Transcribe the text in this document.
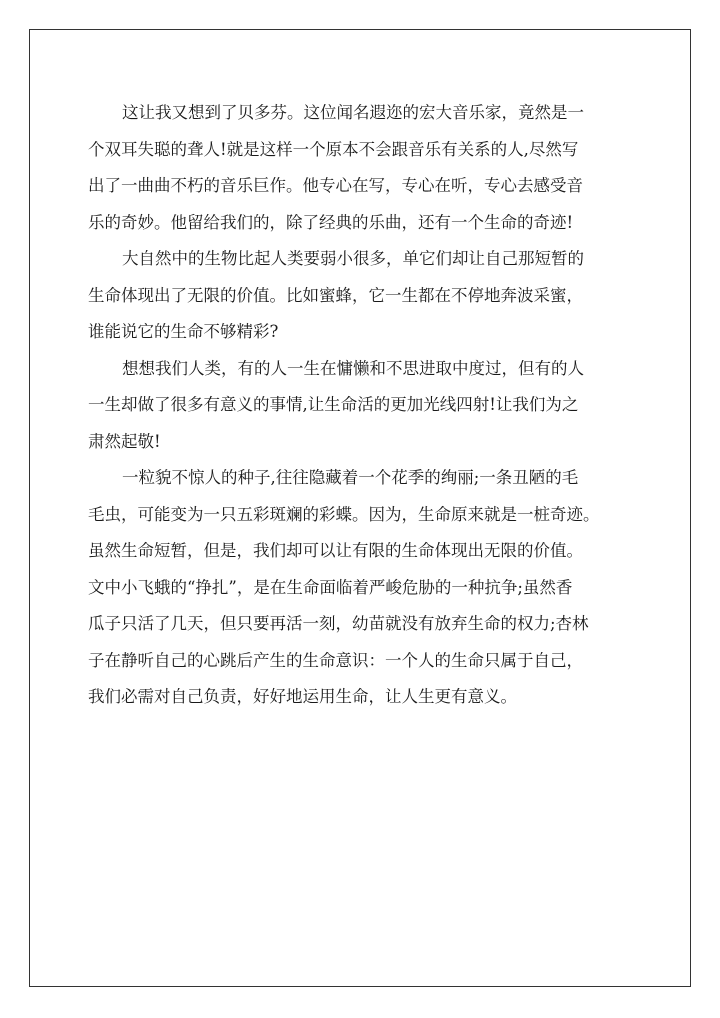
这让我又想到了贝多芬。这位闻名遐迩的宏大音乐家，竟然是一
个双耳失聪的聋人!就是这样一个原本不会跟音乐有关系的人,尽然写
出了一曲曲不朽的音乐巨作。他专心在写，专心在听，专心去感受音
乐的奇妙。他留给我们的，除了经典的乐曲，还有一个生命的奇迹!
大自然中的生物比起人类要弱小很多，单它们却让自己那短暂的
生命体现出了无限的价值。比如蜜蜂，它一生都在不停地奔波采蜜，
谁能说它的生命不够精彩?
想想我们人类，有的人一生在慵懒和不思进取中度过，但有的人
一生却做了很多有意义的事情,让生命活的更加光线四射!让我们为之
肃然起敬!
一粒貌不惊人的种子,往往隐藏着一个花季的绚丽;一条丑陋的毛
毛虫，可能变为一只五彩斑斓的彩蝶。因为，生命原来就是一桩奇迹。
虽然生命短暂，但是，我们却可以让有限的生命体现出无限的价值。
文中小飞蛾的“挣扎”，是在生命面临着严峻危胁的一种抗争;虽然香
瓜子只活了几天，但只要再活一刻，幼苗就没有放弃生命的权力;杏林
子在静听自己的心跳后产生的生命意识：一个人的生命只属于自己，
我们必需对自己负责，好好地运用生命，让人生更有意义。
